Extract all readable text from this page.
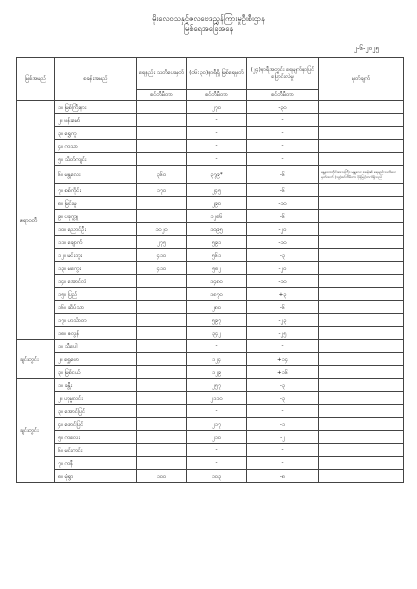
မိုးလေဝသနှင့်ဇလဗေဒညွှန်ကြားမှုဦးစီးဌာန
မြစ်ရေအခြေအနေ
၂-၆-၂၀၂၅
မြစ်အမည်	စခန်းအမည်	ရေနည်း သတိပေးမှတ်	(၀၆:၃၀)နာရီရှိ မြစ်ရေမှတ်	(၂၄)နာရီအတွင်း ရေမျက်နှာပြင် ပြောင်းလဲမှု	မှတ်ချက်
		စင်တီမီတာ	စင်တီမီတာ	စင်တီမီတာ	
ဧရာဝတီ	၁။ မြစ်ကြီးနား		၂၇၀	-၃၀	
	၂။ ဗန်းမော်		-	-	
	၃။ ရွှေကူ		-	-	
	၄။ ကသာ		-	-	
	၅။ သိတ်ကျင်း		-	-	
	၆။ မန္တလေး	၃၆၀	၃၇၉*	-၆	မန္တလေးတိုင်းဒေသကြီး၊ မန္တလေး စခန်း၏ ရေနည်းသတိပေးမှတ်ထက် (၁၉)စင်တီမီတာ ပိုမိုမြင့်တက်ရှိသည်
	၇။ စစ်ကိုင်း	၁၇၀	၂၄၅	-၆	
	၈။ မြင်းမူ		၂၉၀	-၁၀	
	၉။ ပခုက္ကူ		၁၂၈၆	-၆	
	၁၀။ ညောင်ဦး	၁၀၂၀	၁၀၉၅	-၂၀	
	၁၁။ ချောက်	၂၇၅	၅၉၁	-၁၀	
	၁၂။ မင်းဘူး	၄၁၀	၅၆၁	-၃	
	၁၃။ မကွေး	၄၁၀	၅၈၂	-၂၀	
	၁၄။ အောင်လံ		၁၄၈၀	-၁၀	
	၁၅။ ပြည်		၁၈၇၀	+၃	
	၁၆။ ဆိပ်သာ		၂၈၀	-၆	
	၁၇။ ဟင်္သာတ		၅၉၇	-၂၃	
	၁၈။ ဇလွန်		၃၄၂	-၂၅	
ချင်းတွင်း	၁။ သီပေါ		-	-	
	၂။ ရွှေဗော		၁၂၄	+၁၄	
	၃။ မြစ်ငယ်		၁၂၉	+၁၆	
ချင်းတွင်း	၁။ ခန္တီး		၂၅၇	-၃	
	၂။ ဟုမ္မလင်း		၂၁၁၀	-၃	
	၃။ အောင်ပြင်		-	-	
	၄။ ဖောင်ပြင်		၂၁၇	-၁	
	၅။ ကလေး		၂၁၀	-၂	
	၆။ မင်းကင်း		-	-	
	၇။ ကနီ		-	-	
	၈။ မုံရွာ	၁၀၀	၁၀၃	-၈	
